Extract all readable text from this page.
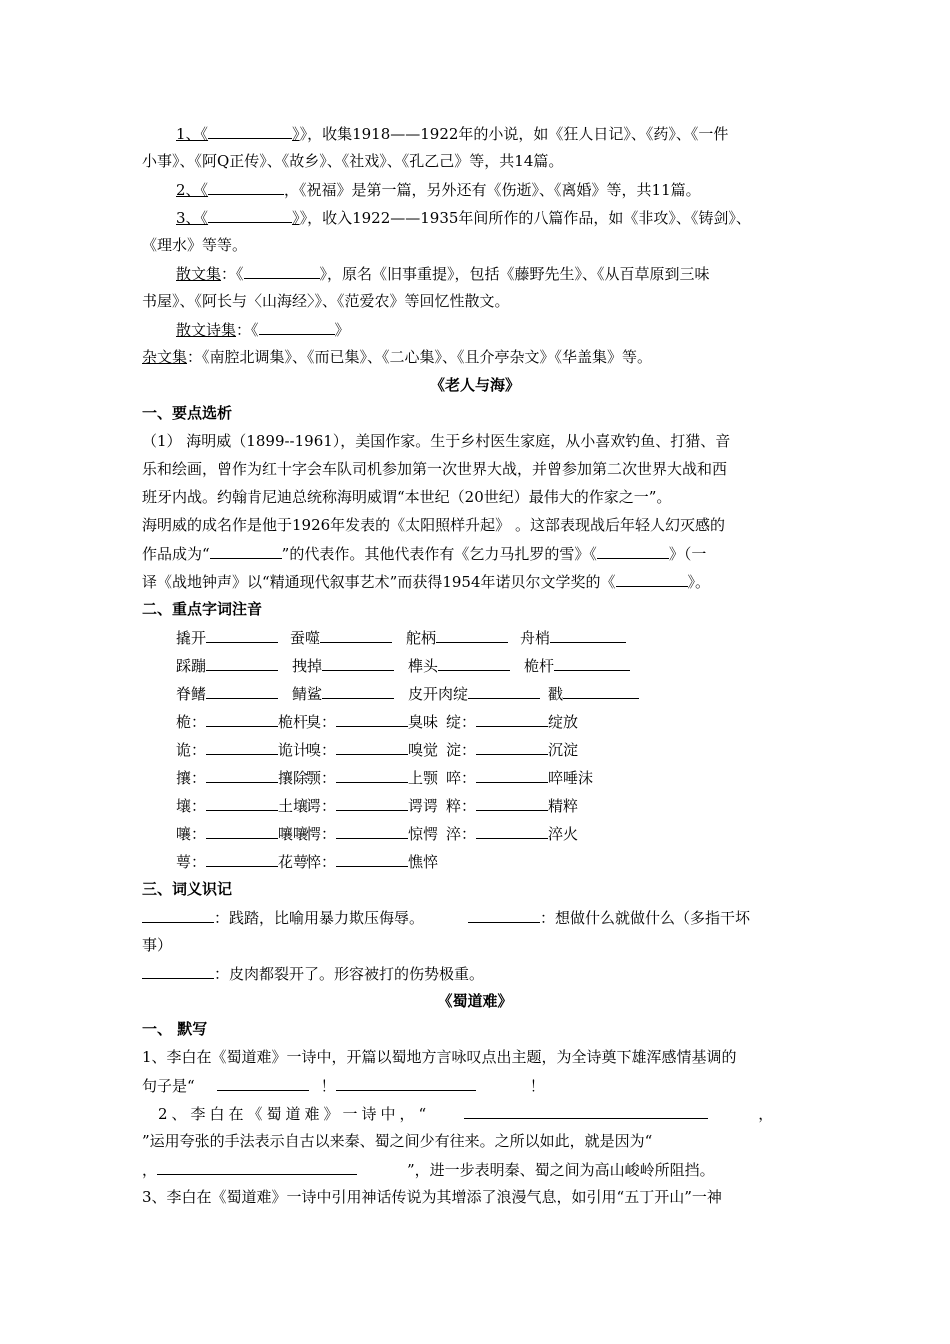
1、《	》》，收集1918——1922年的小说，如《狂人日记》、《药》、《一件
小事》、《阿Q正传》、《故乡》、《社戏》、《孔乙己》等，共14篇。
2、《	，《祝福》是第一篇，另外还有《伤逝》、《离婚》等，共11篇。
3、《	》》，收入1922——1935年间所作的八篇作品，如《非攻》、《铸剑》、
《理水》等等。
散文集：《	》，原名《旧事重提》，包括《藤野先生》、《从百草原到三味
书屋》、《阿长与〈山海经〉》、《范爱农》等回忆性散文。
散文诗集：《	》
杂文集：《南腔北调集》、《而已集》、《二心集》、《且介亭杂文》《华盖集》等。
《老人与海》
一、要点选析
（1） 海明威（1899--1961），美国作家。生于乡村医生家庭，从小喜欢钓鱼、打猎、音
乐和绘画，曾作为红十字会车队司机参加第一次世界大战，并曾参加第二次世界大战和西
班牙内战。约翰肯尼迪总统称海明威谓“本世纪（20世纪）最伟大的作家之一”。
海明威的成名作是他于1926年发表的《太阳照样升起》 。这部表现战后年轻人幻灭感的
作品成为“	”的代表作。其他代表作有《乞力马扎罗的雪》《	》（一
译《战地钟声》以“精通现代叙事艺术”而获得1954年诺贝尔文学奖的《	》。
二、重点字词注音
撬开	蚕噬	舵柄	舟梢
踩蹦	拽掉	榫头	桅杆
脊鳍	鲭鲨	皮开肉绽	戳
桅：	桅杆臭：	臭味 绽：	绽放
诡：	诡计嗅：	嗅觉 淀：	沉淀
攘：	攘除颚：	上颚 啐：	啐唾沫
壤：	土壤谔：	谔谔 粹：	精粹
嚷：	嚷嚷愕：	惊愕 淬：	淬火
萼：	花萼悴：	憔悴
三、词义识记
：践踏，比喻用暴力欺压侮辱。	：想做什么就做什么（多指干坏
事）
：皮肉都裂开了。形容被打的伤势极重。
《蜀道难》
一、 默写
1、李白在《蜀道难》一诗中，开篇以蜀地方言咏叹点出主题，为全诗奠下雄浑感情基调的
句子是“	！	！
2、李白在《蜀道难》一诗中，“	，
”运用夸张的手法表示自古以来秦、蜀之间少有往来。之所以如此，就是因为“
，	”，进一步表明秦、蜀之间为高山峻岭所阻挡。
3、李白在《蜀道难》一诗中引用神话传说为其增添了浪漫气息，如引用“五丁开山”一神
